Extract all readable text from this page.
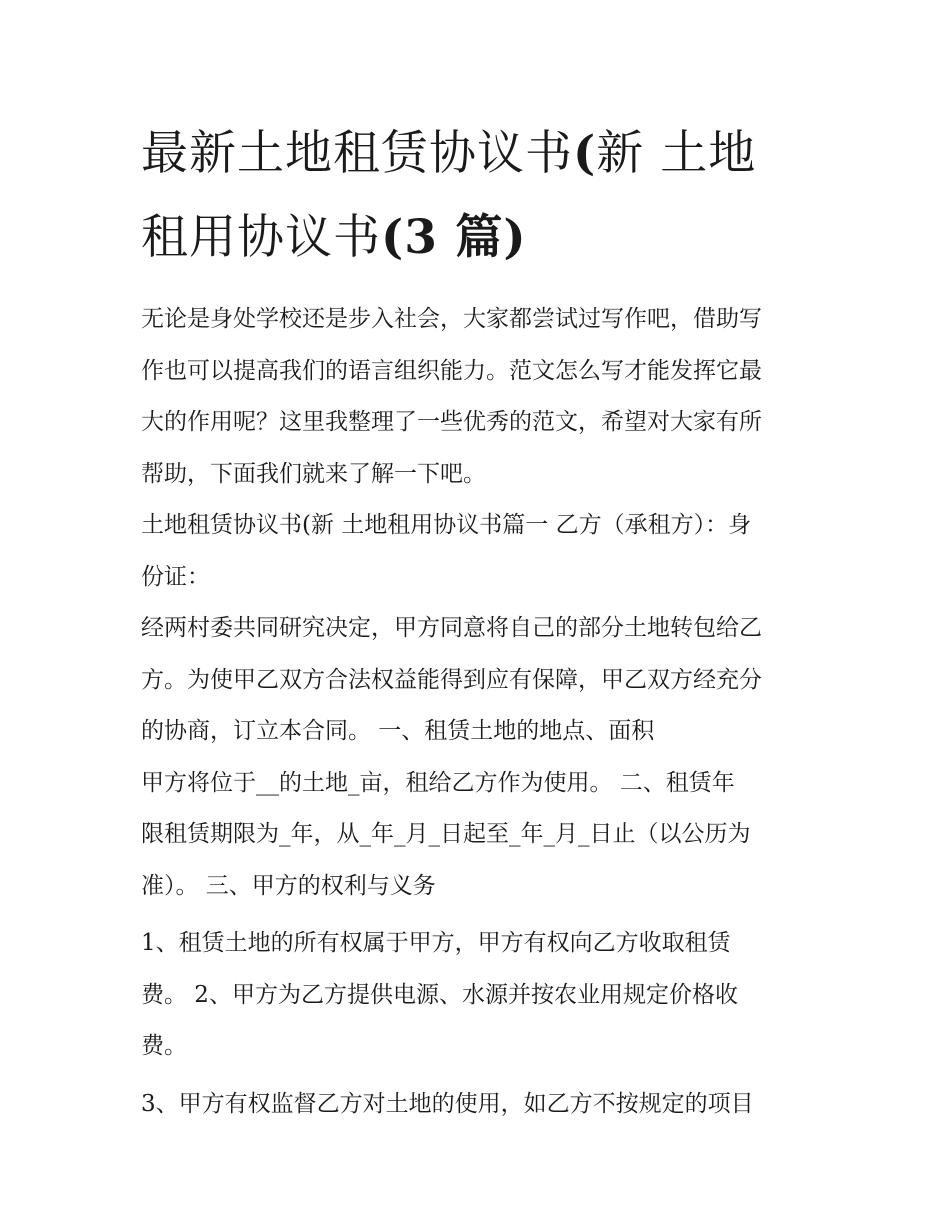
最新土地租赁协议书(新 土地
租用协议书(3 篇)

无论是身处学校还是步入社会，大家都尝试过写作吧，借助写
作也可以提高我们的语言组织能力。范文怎么写才能发挥它最
大的作用呢？这里我整理了一些优秀的范文，希望对大家有所
帮助，下面我们就来了解一下吧。

土地租赁协议书(新 土地租用协议书篇一 乙方（承租方）：身
份证：

经两村委共同研究决定，甲方同意将自己的部分土地转包给乙
方。为使甲乙双方合法权益能得到应有保障，甲乙双方经充分
的协商，订立本合同。 一、租赁土地的地点、面积

甲方将位于__的土地_亩，租给乙方作为使用。 二、租赁年
限租赁期限为_年，从_年_月_日起至_年_月_日止（以公历为
准）。 三、甲方的权利与义务

1、租赁土地的所有权属于甲方，甲方有权向乙方收取租赁
费。 2、甲方为乙方提供电源、水源并按农业用规定价格收
费。

3、甲方有权监督乙方对土地的使用，如乙方不按规定的项目
